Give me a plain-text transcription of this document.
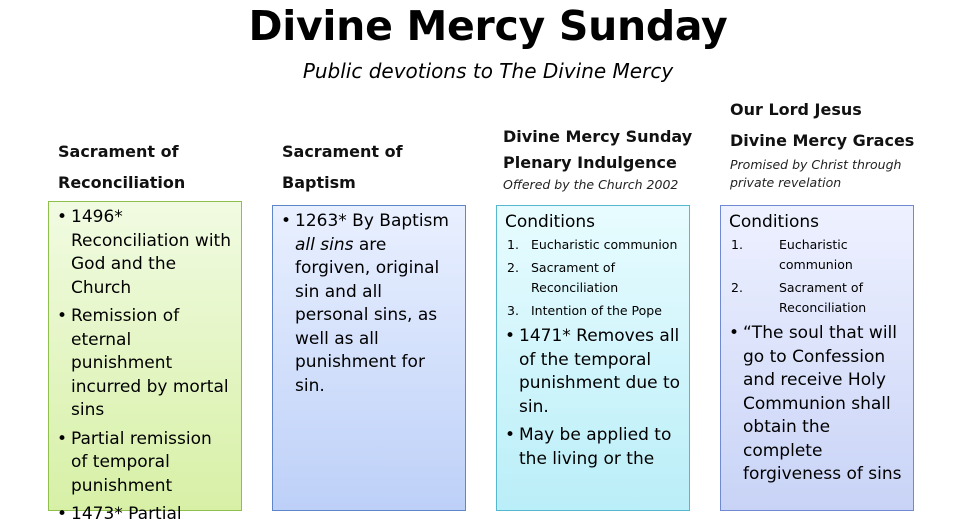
Divine Mercy Sunday
Public devotions to The Divine Mercy
Sacrament of
Reconciliation
• 1496* Reconciliation with God and the Church
• Remission of eternal punishment incurred by mortal sins
• Partial remission of temporal punishment
• 1473* Partial
Sacrament of
Baptism
• 1263* By Baptism all sins are forgiven, original sin and all personal sins, as well as all punishment for sin.
Divine Mercy Sunday
Plenary Indulgence
Offered by the Church 2002
Conditions
1. Eucharistic communion
2. Sacrament of Reconciliation
3. Intention of the Pope
• 1471* Removes all of the temporal punishment due to sin.
• May be applied to the living or the
Our Lord Jesus
Divine Mercy Graces
Promised by Christ through private revelation
Conditions
1.	Eucharistic communion
2.	Sacrament of Reconciliation
• “The soul that will go to Confession and receive Holy Communion shall obtain the complete forgiveness of sins
